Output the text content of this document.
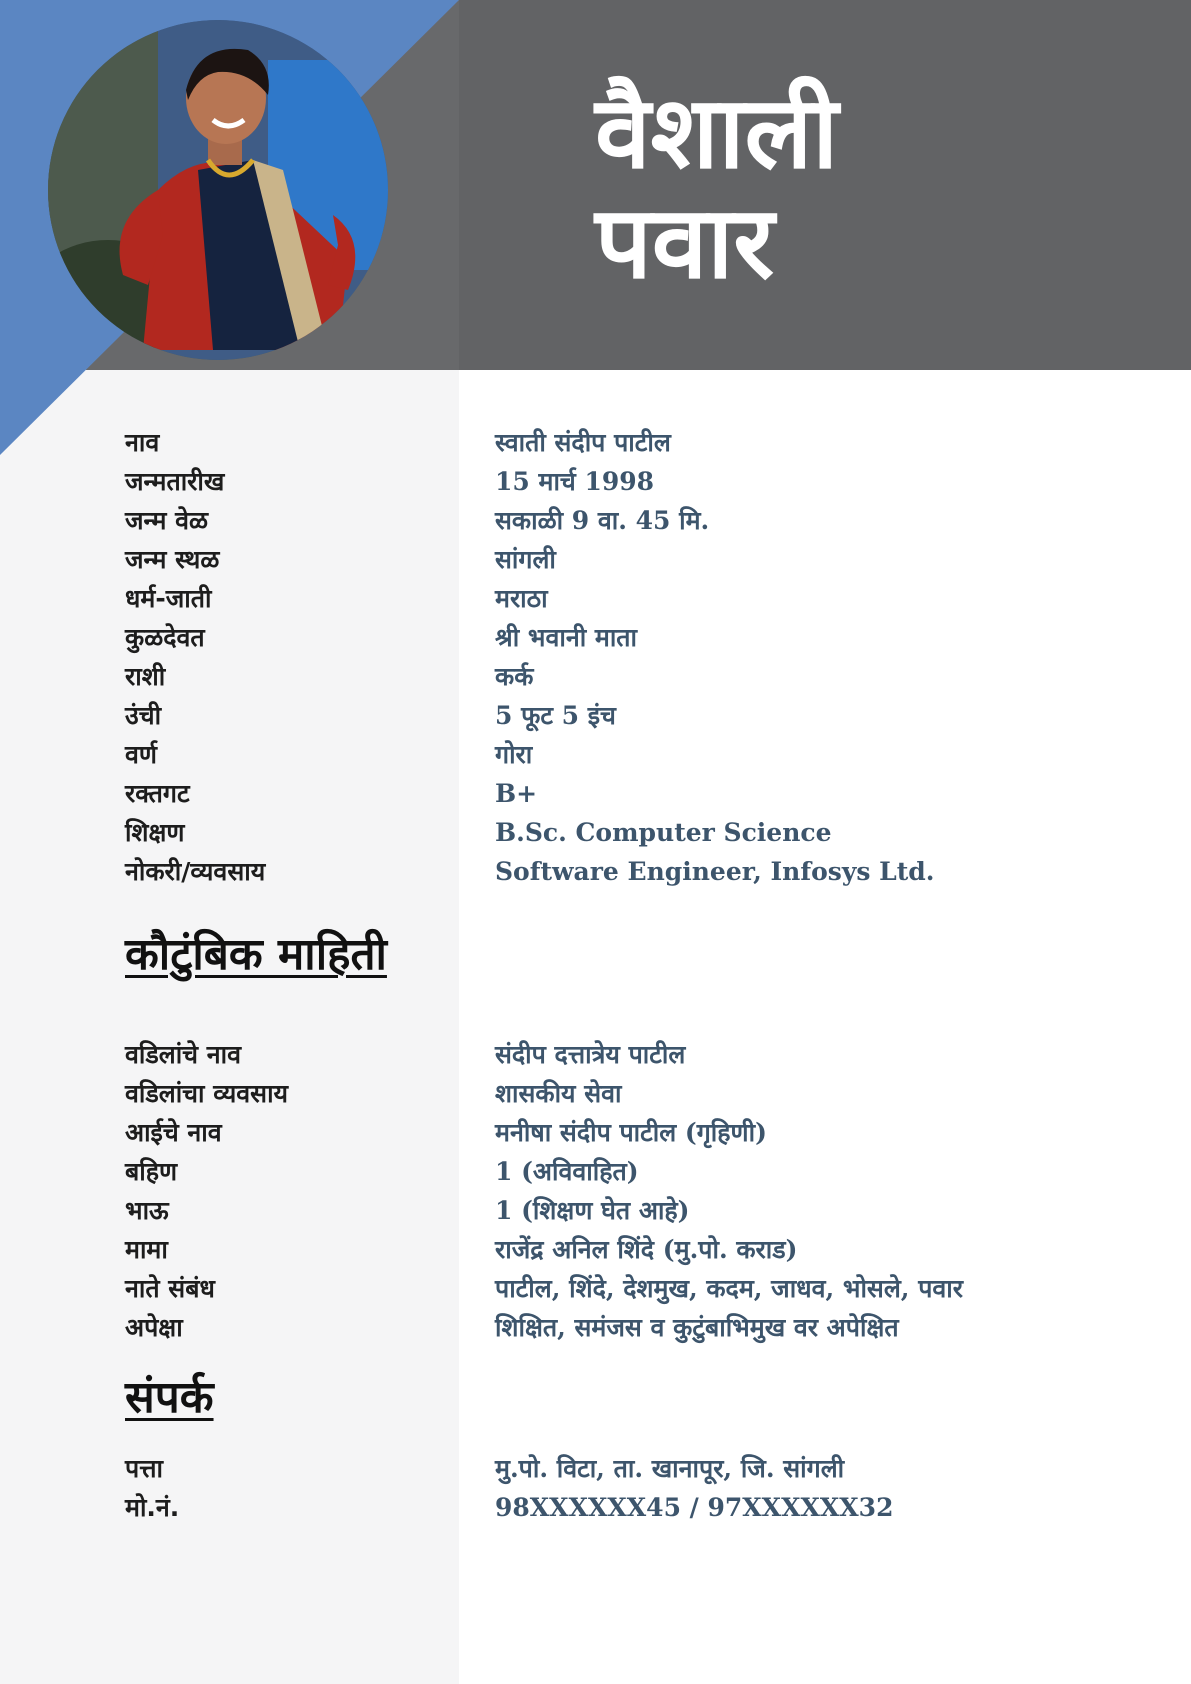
वैशाली
पवार
नाव	स्वाती संदीप पाटील
जन्मतारीख	15 मार्च 1998
जन्म वेळ	सकाळी 9 वा. 45 मि.
जन्म स्थळ	सांगली
धर्म-जाती	मराठा
कुळदेवत	श्री भवानी माता
राशी	कर्क
उंची	5 फूट 5 इंच
वर्ण	गोरा
रक्तगट	B+
शिक्षण	B.Sc. Computer Science
नोकरी/व्यवसाय	Software Engineer, Infosys Ltd.
कौटुंबिक माहिती
वडिलांचे नाव	संदीप दत्तात्रेय पाटील
वडिलांचा व्यवसाय	शासकीय सेवा
आईचे नाव	मनीषा संदीप पाटील (गृहिणी)
बहिण	1 (अविवाहित)
भाऊ	1 (शिक्षण घेत आहे)
मामा	राजेंद्र अनिल शिंदे (मु.पो. कराड)
नाते संबंध	पाटील, शिंदे, देशमुख, कदम, जाधव, भोसले, पवार
अपेक्षा	शिक्षित, समंजस व कुटुंबाभिमुख वर अपेक्षित
संपर्क
पत्ता	मु.पो. विटा, ता. खानापूर, जि. सांगली
मो.नं.	98XXXXXX45 / 97XXXXXX32
